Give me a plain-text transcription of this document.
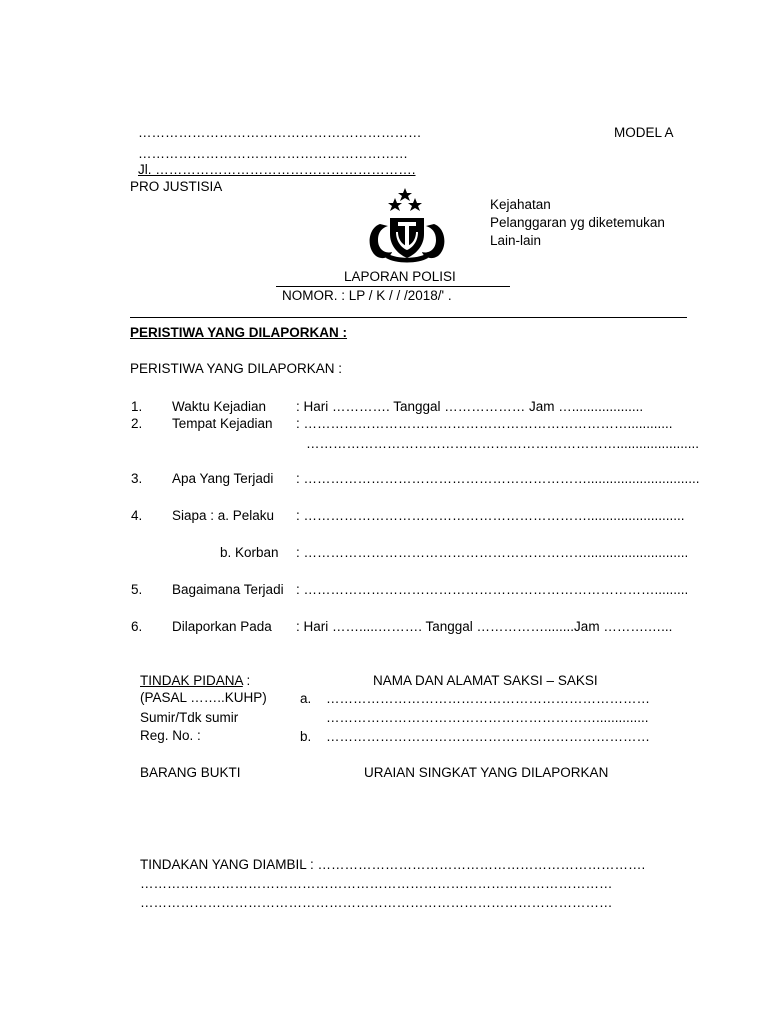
………………………………………………………
……………………………………………………
Jl. ………………………………………………….
MODEL A
PRO JUSTISIA
Kejahatan
Pelanggaran yg diketemukan
Lain-lain
LAPORAN POLISI
NOMOR. : LP / K / / /2018/' .
PERISTIWA YANG DILAPORKAN :
PERISTIWA YANG DILAPORKAN :
1. Waktu Kejadian : Hari …………. Tanggal ……………… Jam …...................
2. Tempat Kejadian : ………………………………………………………………............
……………………………………………………………......................
3. Apa Yang Terjadi : ………………………………………………………..............................
4. Siapa : a. Pelaku : ………………………………………………………..........................
b. Korban : ………………………………………………………...........................
5. Bagaimana Terjadi : …………………………………………………………………….........
6. Dilaporkan Pada : Hari …….....………. Tanggal ……………........Jam ……….…...
TINDAK PIDANA :
(PASAL ……..KUHP)
Sumir/Tdk sumir
Reg. No. :
NAMA DAN ALAMAT SAKSI – SAKSI
a. ………………………………………………………………
……………………………………………………..............
b. ………………………………………………………………
BARANG BUKTI	URAIAN SINGKAT YANG DILAPORKAN
TINDAKAN YANG DIAMBIL : ……………………………………………………………….
……………………………………………………………………………………………
……………………………………………………………………………………………
